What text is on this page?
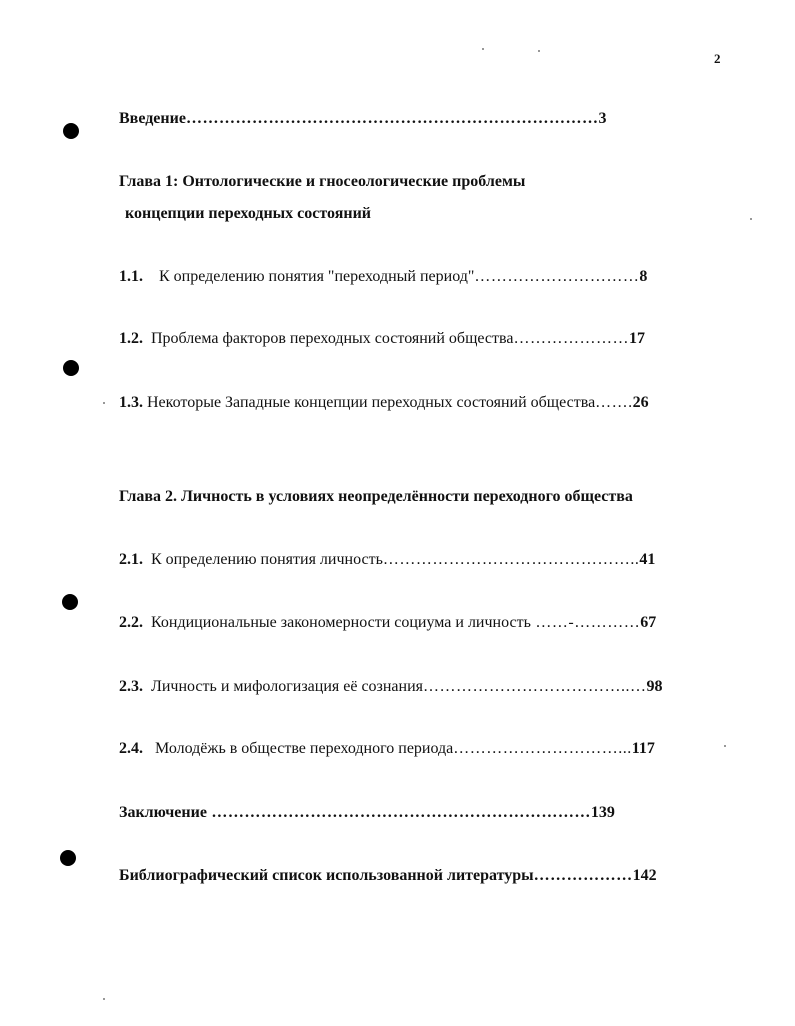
2
Введение…………………………………………………………………3
Глава 1: Онтологические и гносеологические проблемы
концепции переходных состояний
1.1. К определению понятия "переходный период"…………………………8
1.2. Проблема факторов переходных состояний общества…………………17
1.3. Некоторые Западные концепции переходных состояний общества…….26
Глава 2. Личность в условиях неопределённости переходного общества
2.1. К определению понятия личность………………………………………..41
2.2. Кондициональные закономерности социума и личность ……-…………67
2.3. Личность и мифологизация её сознания………………………………..…98
2.4. Молодёжь в обществе переходного периода…………………………...117
Заключение ……………………………………………………………139
Библиографический список использованной литературы………………142
